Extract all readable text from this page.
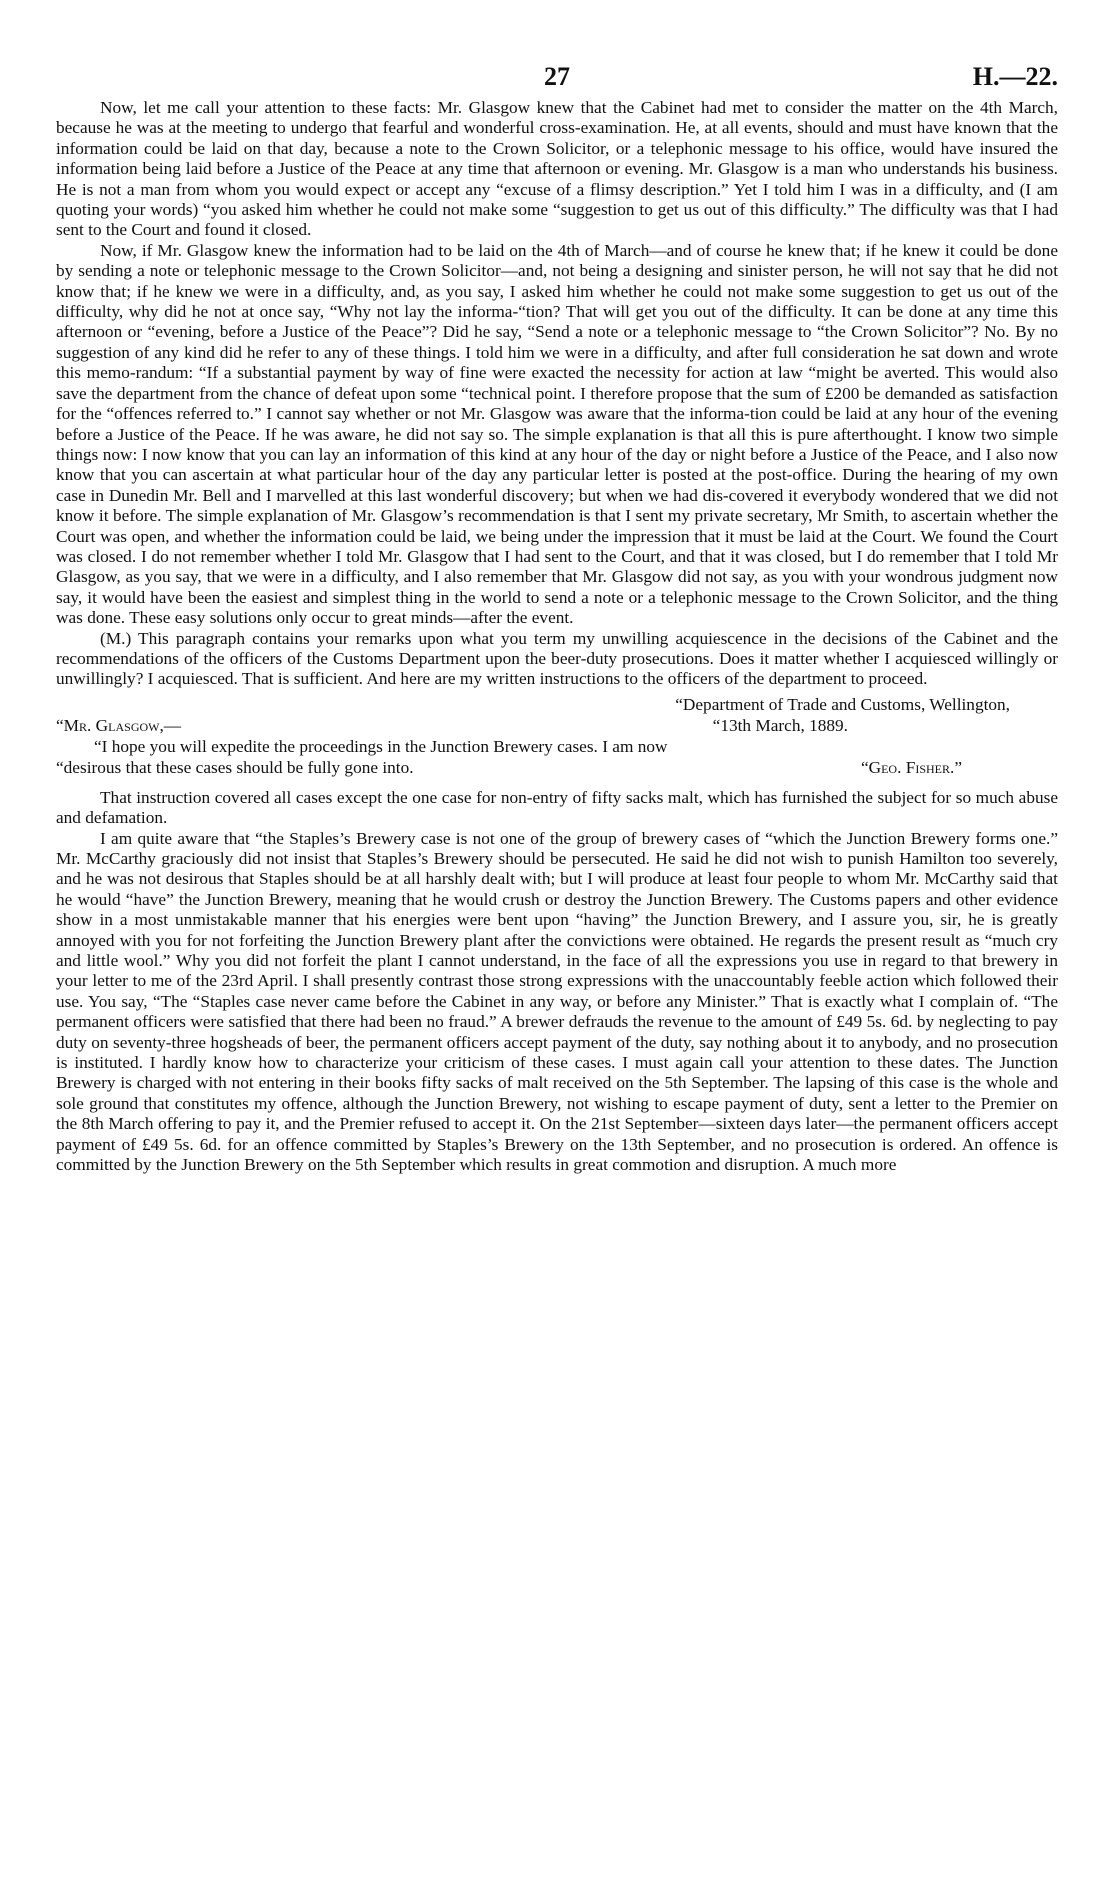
27	H.—22.

Now, let me call your attention to these facts: Mr. Glasgow knew that the Cabinet had met to consider the matter on the 4th March, because he was at the meeting to undergo that fearful and wonderful cross-examination. He, at all events, should and must have known that the information could be laid on that day, because a note to the Crown Solicitor, or a telephonic message to his office, would have insured the information being laid before a Justice of the Peace at any time that afternoon or evening. Mr. Glasgow is a man who understands his business. He is not a man from whom you would expect or accept any “excuse of a flimsy description.” Yet I told him I was in a difficulty, and (I am quoting your words) “you asked him whether he could not make some “suggestion to get us out of this difficulty.” The difficulty was that I had sent to the Court and found it closed.

Now, if Mr. Glasgow knew the information had to be laid on the 4th of March—and of course he knew that; if he knew it could be done by sending a note or telephonic message to the Crown Solicitor—and, not being a designing and sinister person, he will not say that he did not know that; if he knew we were in a difficulty, and, as you say, I asked him whether he could not make some suggestion to get us out of the difficulty, why did he not at once say, “Why not lay the informa-“tion? That will get you out of the difficulty. It can be done at any time this afternoon or “evening, before a Justice of the Peace”? Did he say, “Send a note or a telephonic message to “the Crown Solicitor”? No. By no suggestion of any kind did he refer to any of these things. I told him we were in a difficulty, and after full consideration he sat down and wrote this memo-randum: “If a substantial payment by way of fine were exacted the necessity for action at law “might be averted. This would also save the department from the chance of defeat upon some “technical point. I therefore propose that the sum of £200 be demanded as satisfaction for the “offences referred to.” I cannot say whether or not Mr. Glasgow was aware that the informa-tion could be laid at any hour of the evening before a Justice of the Peace. If he was aware, he did not say so. The simple explanation is that all this is pure afterthought. I know two simple things now: I now know that you can lay an information of this kind at any hour of the day or night before a Justice of the Peace, and I also now know that you can ascertain at what particular hour of the day any particular letter is posted at the post-office. During the hearing of my own case in Dunedin Mr. Bell and I marvelled at this last wonderful discovery; but when we had dis-covered it everybody wondered that we did not know it before. The simple explanation of Mr. Glasgow’s recommendation is that I sent my private secretary, Mr Smith, to ascertain whether the Court was open, and whether the information could be laid, we being under the impression that it must be laid at the Court. We found the Court was closed. I do not remember whether I told Mr. Glasgow that I had sent to the Court, and that it was closed, but I do remember that I told Mr Glasgow, as you say, that we were in a difficulty, and I also remember that Mr. Glasgow did not say, as you with your wondrous judgment now say, it would have been the easiest and simplest thing in the world to send a note or a telephonic message to the Crown Solicitor, and the thing was done. These easy solutions only occur to great minds—after the event.

(M.) This paragraph contains your remarks upon what you term my unwilling acquiescence in the decisions of the Cabinet and the recommendations of the officers of the Customs Department upon the beer-duty prosecutions. Does it matter whether I acquiesced willingly or unwillingly? I acquiesced. That is sufficient. And here are my written instructions to the officers of the department to proceed.

“Department of Trade and Customs, Wellington,
“Mr. Glasgow,—	“13th March, 1889.
“I hope you will expedite the proceedings in the Junction Brewery cases. I am now
“desirous that these cases should be fully gone into.	“Geo. Fisher.”

That instruction covered all cases except the one case for non-entry of fifty sacks malt, which has furnished the subject for so much abuse and defamation.

I am quite aware that “the Staples’s Brewery case is not one of the group of brewery cases of “which the Junction Brewery forms one.” Mr. McCarthy graciously did not insist that Staples’s Brewery should be persecuted. He said he did not wish to punish Hamilton too severely, and he was not desirous that Staples should be at all harshly dealt with; but I will produce at least four people to whom Mr. McCarthy said that he would “have” the Junction Brewery, meaning that he would crush or destroy the Junction Brewery. The Customs papers and other evidence show in a most unmistakable manner that his energies were bent upon “having” the Junction Brewery, and I assure you, sir, he is greatly annoyed with you for not forfeiting the Junction Brewery plant after the convictions were obtained. He regards the present result as “much cry and little wool.” Why you did not forfeit the plant I cannot understand, in the face of all the expressions you use in regard to that brewery in your letter to me of the 23rd April. I shall presently contrast those strong expressions with the unaccountably feeble action which followed their use. You say, “The “Staples case never came before the Cabinet in any way, or before any Minister.” That is exactly what I complain of. “The permanent officers were satisfied that there had been no fraud.” A brewer defrauds the revenue to the amount of £49 5s. 6d. by neglecting to pay duty on seventy-three hogsheads of beer, the permanent officers accept payment of the duty, say nothing about it to anybody, and no prosecution is instituted. I hardly know how to characterize your criticism of these cases. I must again call your attention to these dates. The Junction Brewery is charged with not entering in their books fifty sacks of malt received on the 5th September. The lapsing of this case is the whole and sole ground that constitutes my offence, although the Junction Brewery, not wishing to escape payment of duty, sent a letter to the Premier on the 8th March offering to pay it, and the Premier refused to accept it. On the 21st September—sixteen days later—the permanent officers accept payment of £49 5s. 6d. for an offence committed by Staples’s Brewery on the 13th September, and no prosecution is ordered. An offence is committed by the Junction Brewery on the 5th September which results in great commotion and disruption. A much more
